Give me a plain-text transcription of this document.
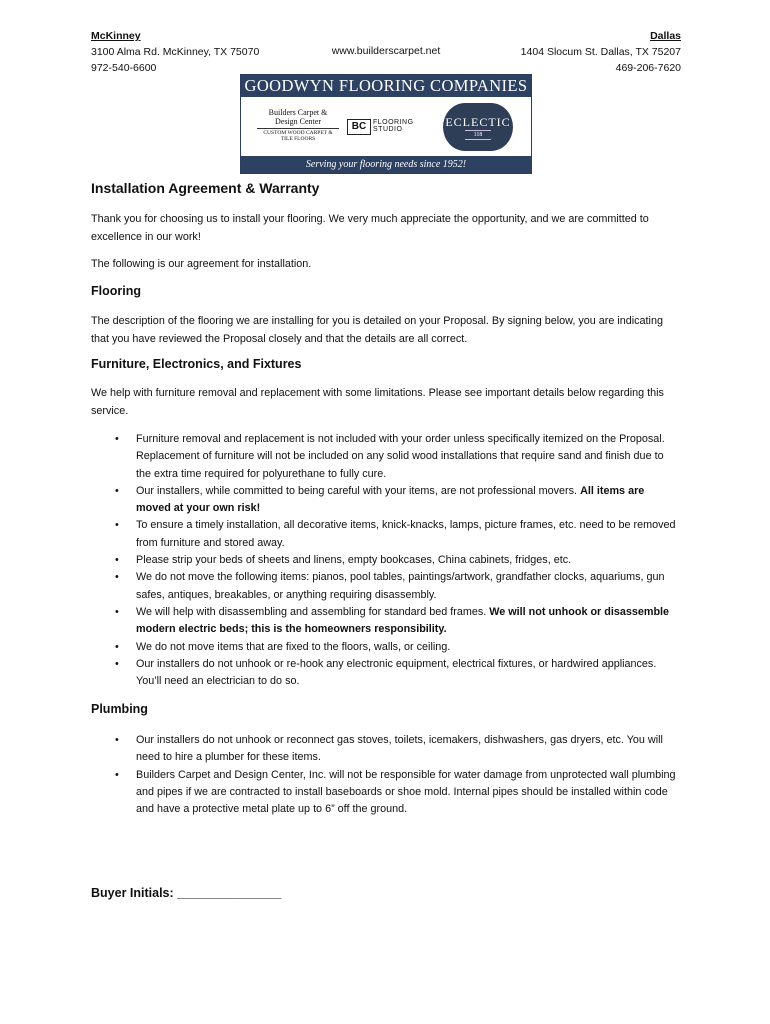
McKinney
3100 Alma Rd. McKinney, TX 75070
972-540-6600
www.builderscarpet.net
Dallas
1404 Slocum St. Dallas, TX 75207
469-206-7620
GOODWYN FLOORING COMPANIES
Builders Carpet &
Design Center
CUSTOM WOOD CARPET & TILE FLOORS
BC FLOORING STUDIO
ECLECTIC
118
Serving your flooring needs since 1952!
Installation Agreement & Warranty
Thank you for choosing us to install your flooring. We very much appreciate the opportunity, and we are committed to excellence in our work!
The following is our agreement for installation.
Flooring
The description of the flooring we are installing for you is detailed on your Proposal. By signing below, you are indicating that you have reviewed the Proposal closely and that the details are all correct.
Furniture, Electronics, and Fixtures
We help with furniture removal and replacement with some limitations. Please see important details below regarding this service.
• Furniture removal and replacement is not included with your order unless specifically itemized on the Proposal. Replacement of furniture will not be included on any solid wood installations that require sand and finish due to the extra time required for polyurethane to fully cure.
• Our installers, while committed to being careful with your items, are not professional movers. All items are moved at your own risk!
• To ensure a timely installation, all decorative items, knick-knacks, lamps, picture frames, etc. need to be removed from furniture and stored away.
• Please strip your beds of sheets and linens, empty bookcases, China cabinets, fridges, etc.
• We do not move the following items: pianos, pool tables, paintings/artwork, grandfather clocks, aquariums, gun safes, antiques, breakables, or anything requiring disassembly.
• We will help with disassembling and assembling for standard bed frames. We will not unhook or disassemble modern electric beds; this is the homeowners responsibility.
• We do not move items that are fixed to the floors, walls, or ceiling.
• Our installers do not unhook or re-hook any electronic equipment, electrical fixtures, or hardwired appliances. You’ll need an electrician to do so.
Plumbing
• Our installers do not unhook or reconnect gas stoves, toilets, icemakers, dishwashers, gas dryers, etc. You will need to hire a plumber for these items.
• Builders Carpet and Design Center, Inc. will not be responsible for water damage from unprotected wall plumbing and pipes if we are contracted to install baseboards or shoe mold. Internal pipes should be installed within code and have a protective metal plate up to 6” off the ground.
Buyer Initials: _______________
